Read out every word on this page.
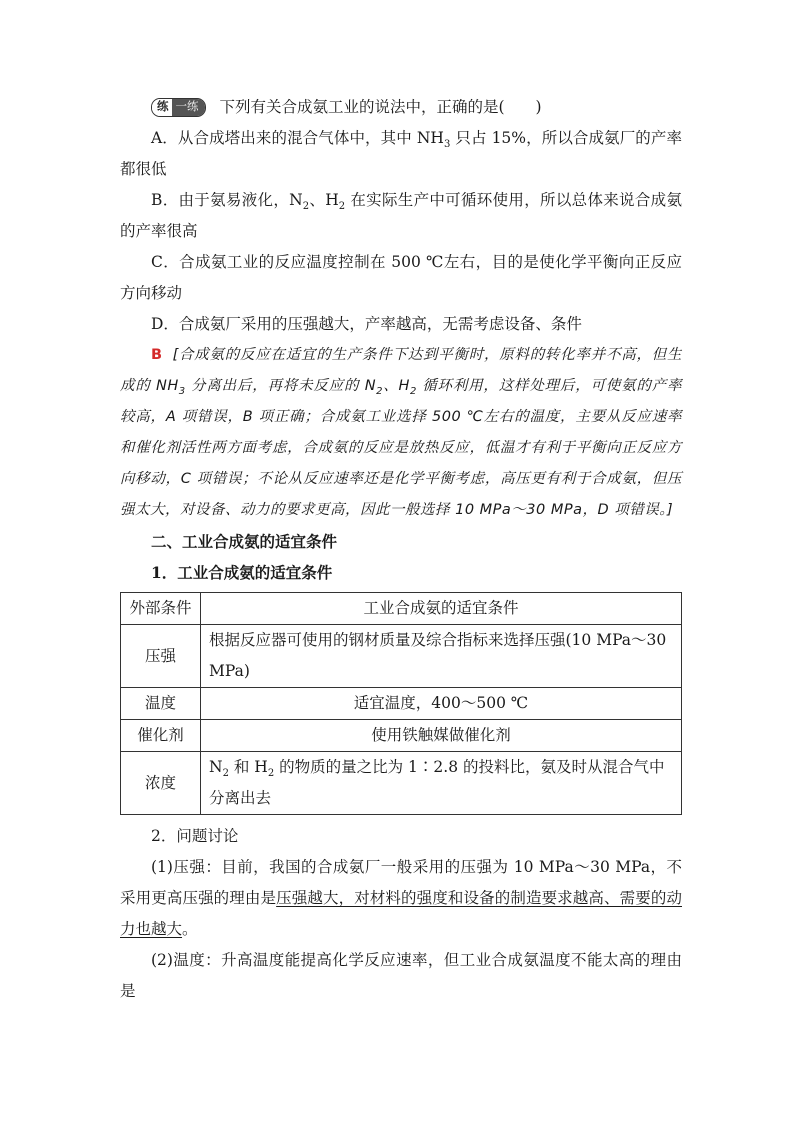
练 一练	下列有关合成氨工业的说法中，正确的是(　　)

A．从合成塔出来的混合气体中，其中 $NH_3$ 只占 15%，所以合成氨厂的产率都很低

B．由于氨易液化，$N_2$、$H_2$ 在实际生产中可循环使用，所以总体来说合成氨的产率很高

C．合成氨工业的反应温度控制在 500 ℃左右，目的是使化学平衡向正反应方向移动

D．合成氨厂采用的压强越大，产率越高，无需考虑设备、条件

B [合成氨的反应在适宜的生产条件下达到平衡时，原料的转化率并不高，但生成的 $NH_3$ 分离出后，再将未反应的 $N_2$、$H_2$ 循环利用，这样处理后，可使氨的产率较高，A 项错误，B 项正确；合成氨工业选择 500 ℃左右的温度，主要从反应速率和催化剂活性两方面考虑，合成氨的反应是放热反应，低温才有利于平衡向正反应方向移动，C 项错误；不论从反应速率还是化学平衡考虑，高压更有利于合成氨，但压强太大，对设备、动力的要求更高，因此一般选择 10 MPa～30 MPa，D 项错误。]

二、工业合成氨的适宜条件

1．工业合成氨的适宜条件

外部条件	工业合成氨的适宜条件
压强	根据反应器可使用的钢材质量及综合指标来选择压强(10 MPa～30 MPa)
温度	适宜温度，400～500 ℃
催化剂	使用铁触媒做催化剂
浓度	$N_2$ 和 $H_2$ 的物质的量之比为 1∶2.8 的投料比，氨及时从混合气中分离出去

2．问题讨论

(1)压强：目前，我国的合成氨厂一般采用的压强为 10 MPa～30 MPa，不采用更高压强的理由是压强越大，对材料的强度和设备的制造要求越高、需要的动力也越大。

(2)温度：升高温度能提高化学反应速率，但工业合成氨温度不能太高的理由是
